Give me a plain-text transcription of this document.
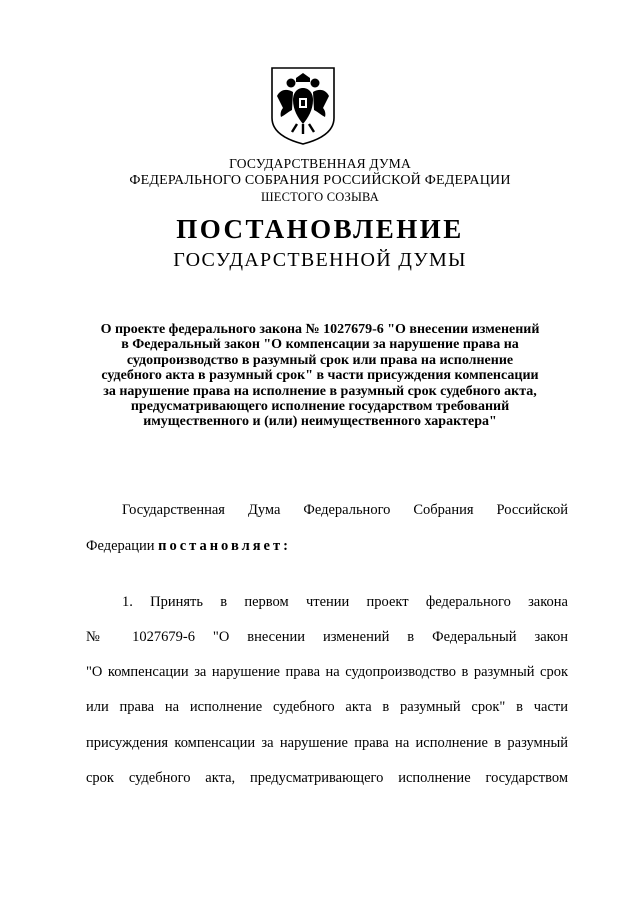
ГОСУДАРСТВЕННАЯ ДУМА
ФЕДЕРАЛЬНОГО СОБРАНИЯ РОССИЙСКОЙ ФЕДЕРАЦИИ
ШЕСТОГО СОЗЫВА
ПОСТАНОВЛЕНИЕ
ГОСУДАРСТВЕННОЙ ДУМЫ
О проекте федерального закона № 1027679-6 "О внесении изменений
в Федеральный закон "О компенсации за нарушение права на
судопроизводство в разумный срок или права на исполнение
судебного акта в разумный срок" в части присуждения компенсации
за нарушение права на исполнение в разумный срок судебного акта,
предусматривающего исполнение государством требований
имущественного и (или) неимущественного характера"
Государственная Дума Федерального Собрания Российской
Федерации постановляет:
1. Принять в первом чтении проект федерального закона
№ 1027679-6 "О внесении изменений в Федеральный закон
"О компенсации за нарушение права на судопроизводство в разумный срок
или права на исполнение судебного акта в разумный срок" в части
присуждения компенсации за нарушение права на исполнение в разумный
срок судебного акта, предусматривающего исполнение государством
